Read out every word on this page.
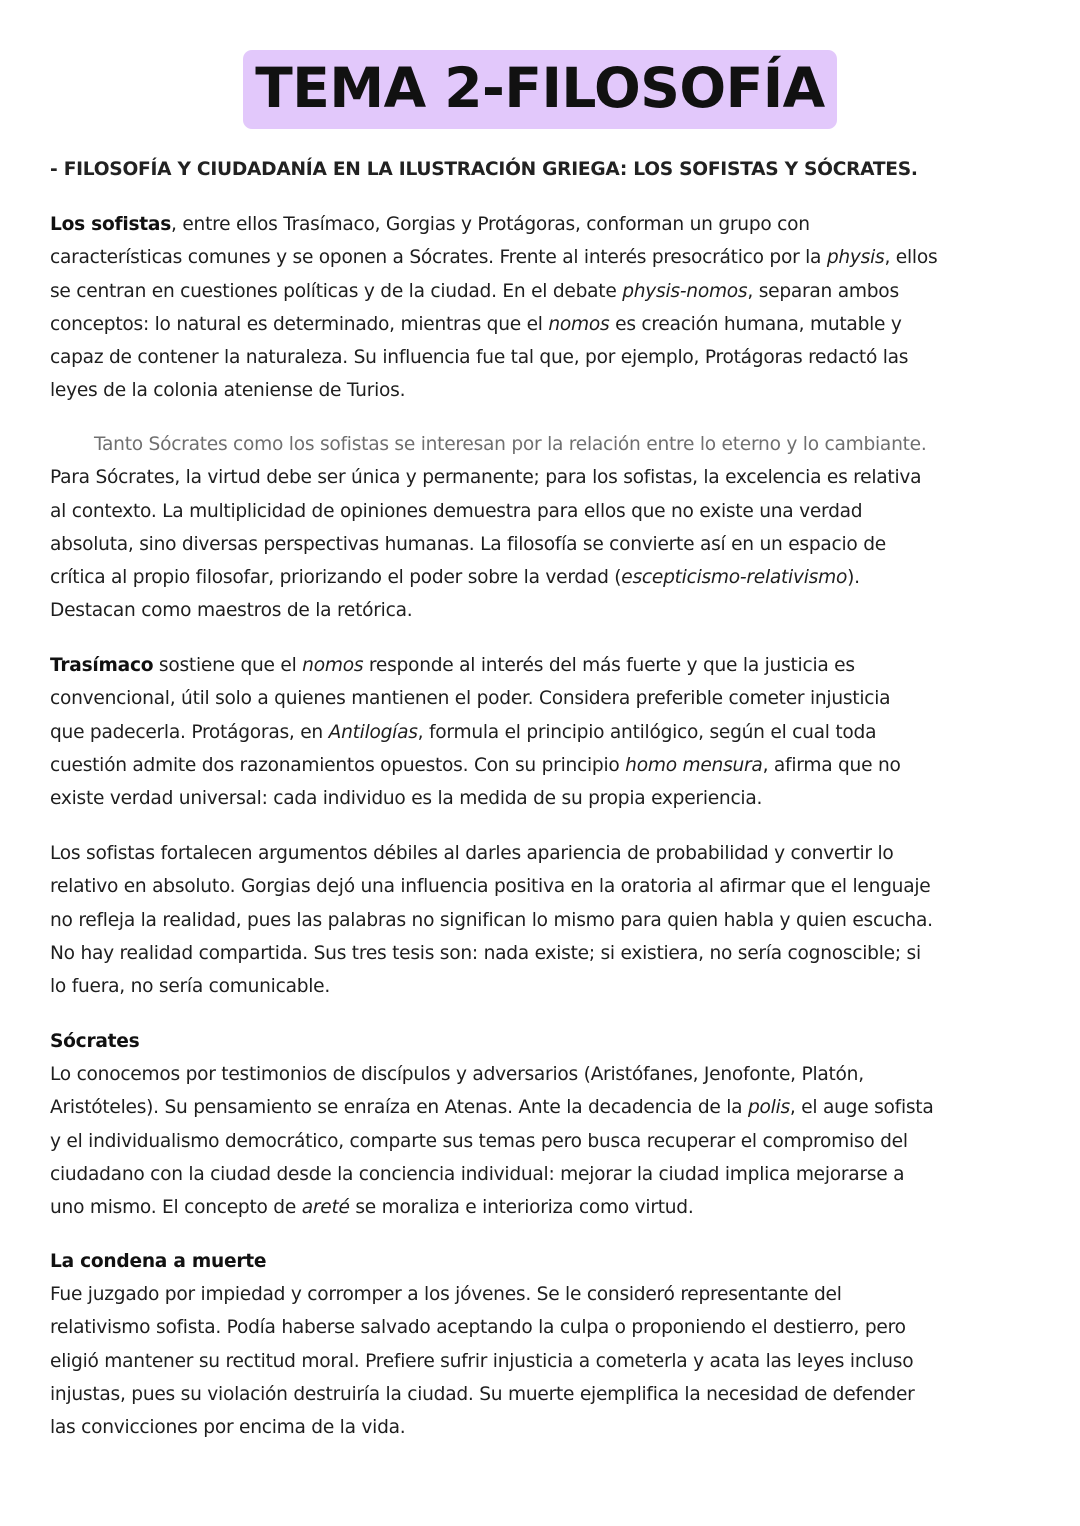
TEMA 2-FILOSOFÍA
- FILOSOFÍA Y CIUDADANÍA EN LA ILUSTRACIÓN GRIEGA: LOS SOFISTAS Y SÓCRATES.
Los sofistas, entre ellos Trasímaco, Gorgias y Protágoras, conforman un grupo con
características comunes y se oponen a Sócrates. Frente al interés presocrático por la physis, ellos
se centran en cuestiones políticas y de la ciudad. En el debate physis-nomos, separan ambos
conceptos: lo natural es determinado, mientras que el nomos es creación humana, mutable y
capaz de contener la naturaleza. Su influencia fue tal que, por ejemplo, Protágoras redactó las
leyes de la colonia ateniense de Turios.
Tanto Sócrates como los sofistas se interesan por la relación entre lo eterno y lo cambiante.
Para Sócrates, la virtud debe ser única y permanente; para los sofistas, la excelencia es relativa
al contexto. La multiplicidad de opiniones demuestra para ellos que no existe una verdad
absoluta, sino diversas perspectivas humanas. La filosofía se convierte así en un espacio de
crítica al propio filosofar, priorizando el poder sobre la verdad (escepticismo-relativismo).
Destacan como maestros de la retórica.
Trasímaco sostiene que el nomos responde al interés del más fuerte y que la justicia es
convencional, útil solo a quienes mantienen el poder. Considera preferible cometer injusticia
que padecerla. Protágoras, en Antilogías, formula el principio antilógico, según el cual toda
cuestión admite dos razonamientos opuestos. Con su principio homo mensura, afirma que no
existe verdad universal: cada individuo es la medida de su propia experiencia.
Los sofistas fortalecen argumentos débiles al darles apariencia de probabilidad y convertir lo
relativo en absoluto. Gorgias dejó una influencia positiva en la oratoria al afirmar que el lenguaje
no refleja la realidad, pues las palabras no significan lo mismo para quien habla y quien escucha.
No hay realidad compartida. Sus tres tesis son: nada existe; si existiera, no sería cognoscible; si
lo fuera, no sería comunicable.
Sócrates
Lo conocemos por testimonios de discípulos y adversarios (Aristófanes, Jenofonte, Platón,
Aristóteles). Su pensamiento se enraíza en Atenas. Ante la decadencia de la polis, el auge sofista
y el individualismo democrático, comparte sus temas pero busca recuperar el compromiso del
ciudadano con la ciudad desde la conciencia individual: mejorar la ciudad implica mejorarse a
uno mismo. El concepto de areté se moraliza e interioriza como virtud.
La condena a muerte
Fue juzgado por impiedad y corromper a los jóvenes. Se le consideró representante del
relativismo sofista. Podía haberse salvado aceptando la culpa o proponiendo el destierro, pero
eligió mantener su rectitud moral. Prefiere sufrir injusticia a cometerla y acata las leyes incluso
injustas, pues su violación destruiría la ciudad. Su muerte ejemplifica la necesidad de defender
las convicciones por encima de la vida.
